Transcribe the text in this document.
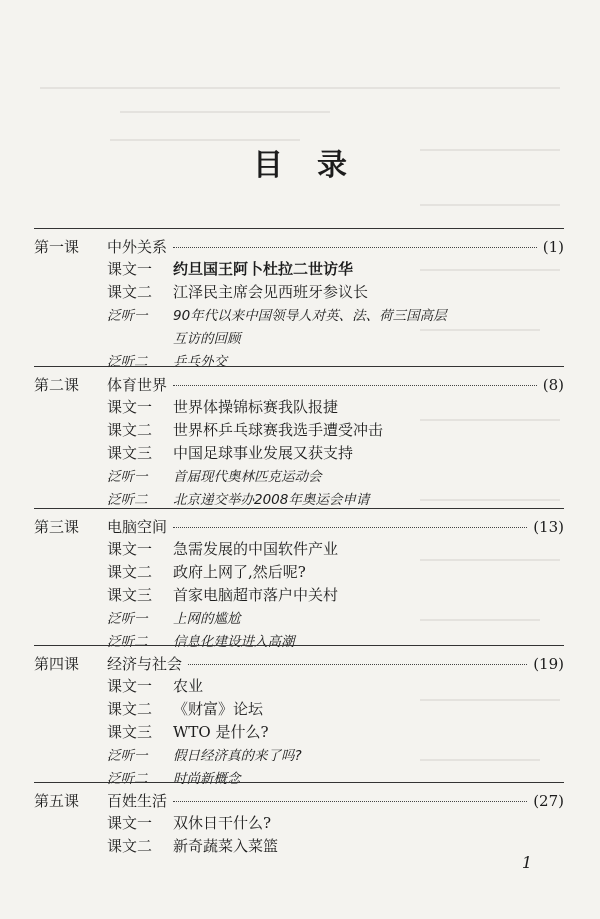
目 录
第一课	中外关系	(1)
课文一	约旦国王阿卜杜拉二世访华
课文二	江泽民主席会见西班牙参议长
泛听一	90年代以来中国领导人对英、法、荷三国高层
互访的回顾
泛听二	乒乓外交
第二课	体育世界	(8)
课文一	世界体操锦标赛我队报捷
课文二	世界杯乒乓球赛我选手遭受冲击
课文三	中国足球事业发展又获支持
泛听一	首届现代奥林匹克运动会
泛听二	北京递交举办2008年奥运会申请
第三课	电脑空间	(13)
课文一	急需发展的中国软件产业
课文二	政府上网了,然后呢?
课文三	首家电脑超市落户中关村
泛听一	上网的尴尬
泛听二	信息化建设进入高潮
第四课	经济与社会	(19)
课文一	农业
课文二	《财富》论坛
课文三	WTO 是什么?
泛听一	假日经济真的来了吗?
泛听二	时尚新概念
第五课	百姓生活	(27)
课文一	双休日干什么?
课文二	新奇蔬菜入菜篮
1
